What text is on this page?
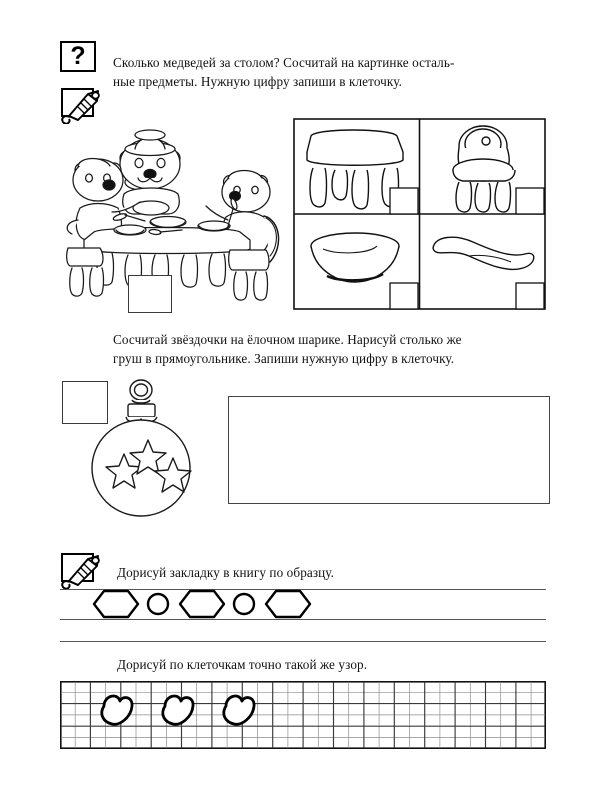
? Сколько медведей за столом? Сосчитай на картинке осталь-
ные предметы. Нужную цифру запиши в клеточку.
Сосчитай звёздочки на ёлочном шарике. Нарисуй столько же
груш в прямоугольнике. Запиши нужную цифру в клеточку.
Дорисуй закладку в книгу по образцу.
Дорисуй по клеточкам точно такой же узор.
